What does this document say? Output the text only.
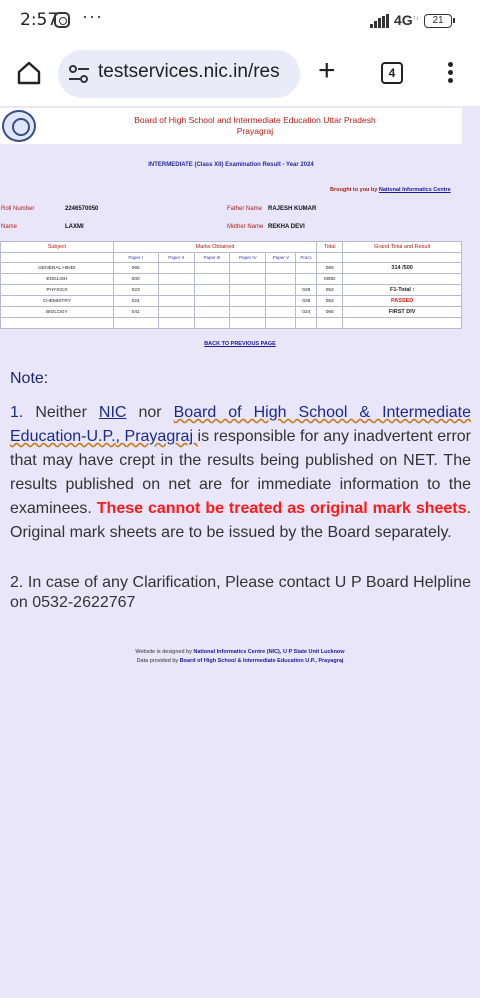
2:57 ···	4G↑↓	21
testservices.nic.in/res +	4
Board of High School and Intermediate Education Uttar Pradesh
Prayagraj
INTERMEDIATE (Class XII) Examination Result - Year 2024
Brought to you by National Informatics Centre
Roll Number	2246570050	Father Name RAJESH KUMAR
Name	LAXMI	Mother Name REKHA DEVI
Subject	Marks Obtained						Total	Grand Total and Result
	Paper I	Paper II	Paper III	Paper IV	Paper V	Pract.		
GENERAL HINDI	065						065	314 /500
ENGLISH	000						000D	
PHYSICS	023					029	052	F1-Total :
CHEMISTRY	024					028	052	PASSED
BIOLOGY	041					024	065	FIRST DIV

BACK TO PREVIOUS PAGE
Note:
1. Neither NIC nor Board of High School & Intermediate Education-U.P., Prayagraj is responsible for any inadvertent error that may have crept in the results being published on NET. The results published on net are for immediate information to the examinees. These cannot be treated as original mark sheets. Original mark sheets are to be issued by the Board separately.
2. In case of any Clarification, Please contact U P Board Helpline on 0532-2622767
Website is designed by National Informatics Centre (NIC), U P State Unit Lucknow
Data provided by Board of High School & Intermediate Education U.P., Prayagraj
